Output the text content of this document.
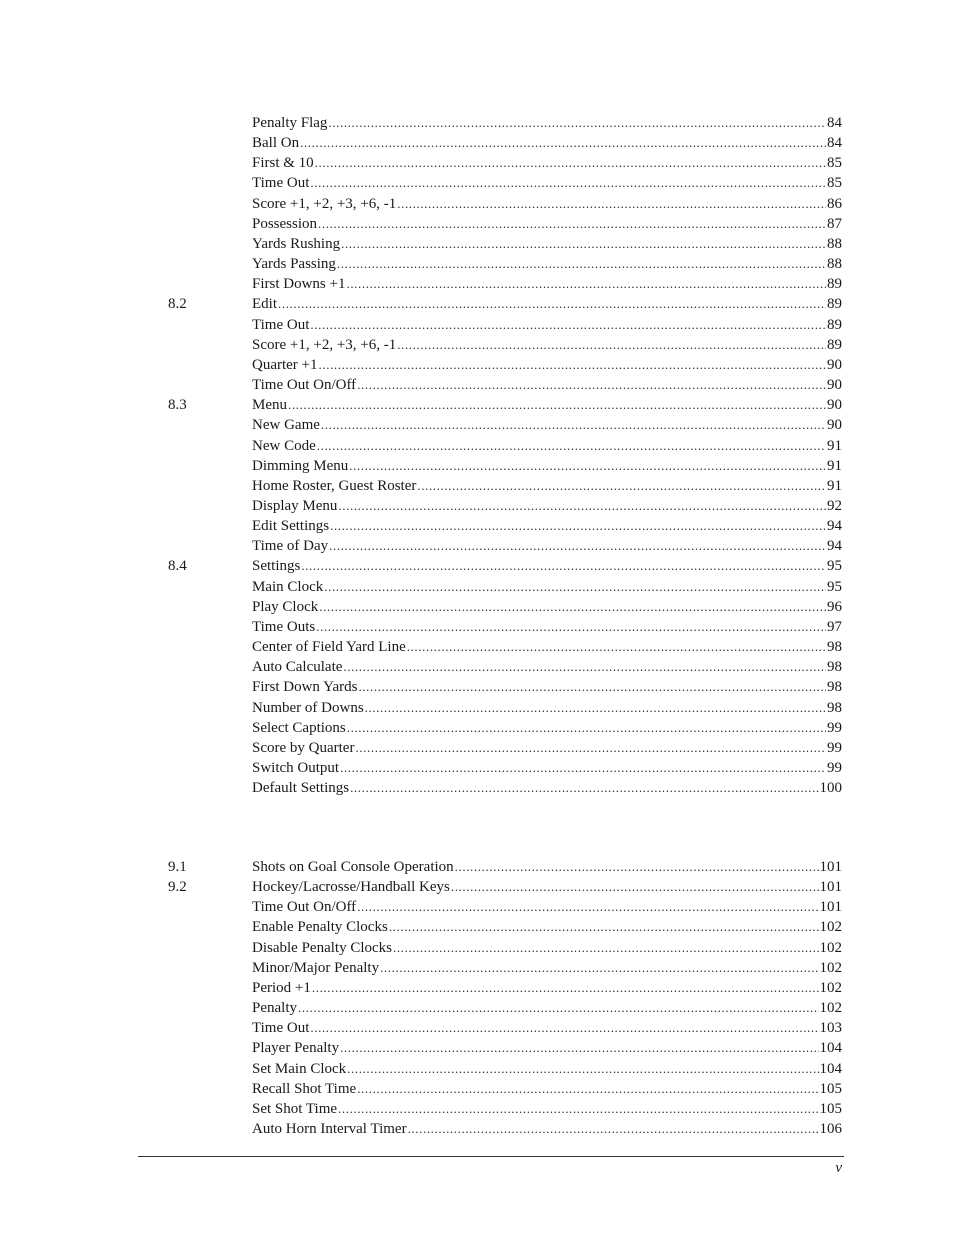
Penalty Flag .....	84
Ball On .....	84
First & 10 .....	85
Time Out .....	85
Score +1, +2, +3, +6, -1 .....	86
Possession .....	87
Yards Rushing .....	88
Yards Passing .....	88
First Downs +1 .....	89
8.2	Edit .....	89
Time Out .....	89
Score +1, +2, +3, +6, -1 .....	89
Quarter +1 .....	90
Time Out On/Off .....	90
8.3	Menu .....	90
New Game .....	90
New Code .....	91
Dimming Menu .....	91
Home Roster, Guest Roster .....	91
Display Menu .....	92
Edit Settings .....	94
Time of Day .....	94
8.4	Settings .....	95
Main Clock .....	95
Play Clock .....	96
Time Outs .....	97
Center of Field Yard Line .....	98
Auto Calculate .....	98
First Down Yards .....	98
Number of Downs .....	98
Select Captions .....	99
Score by Quarter .....	99
Switch Output .....	99
Default Settings .....	100
9.1	Shots on Goal Console Operation .....	101
9.2	Hockey/Lacrosse/Handball Keys .....	101
Time Out On/Off .....	101
Enable Penalty Clocks .....	102
Disable Penalty Clocks .....	102
Minor/Major Penalty .....	102
Period +1 .....	102
Penalty .....	102
Time Out .....	103
Player Penalty .....	104
Set Main Clock .....	104
Recall Shot Time .....	105
Set Shot Time .....	105
Auto Horn Interval Timer .....	106
v
